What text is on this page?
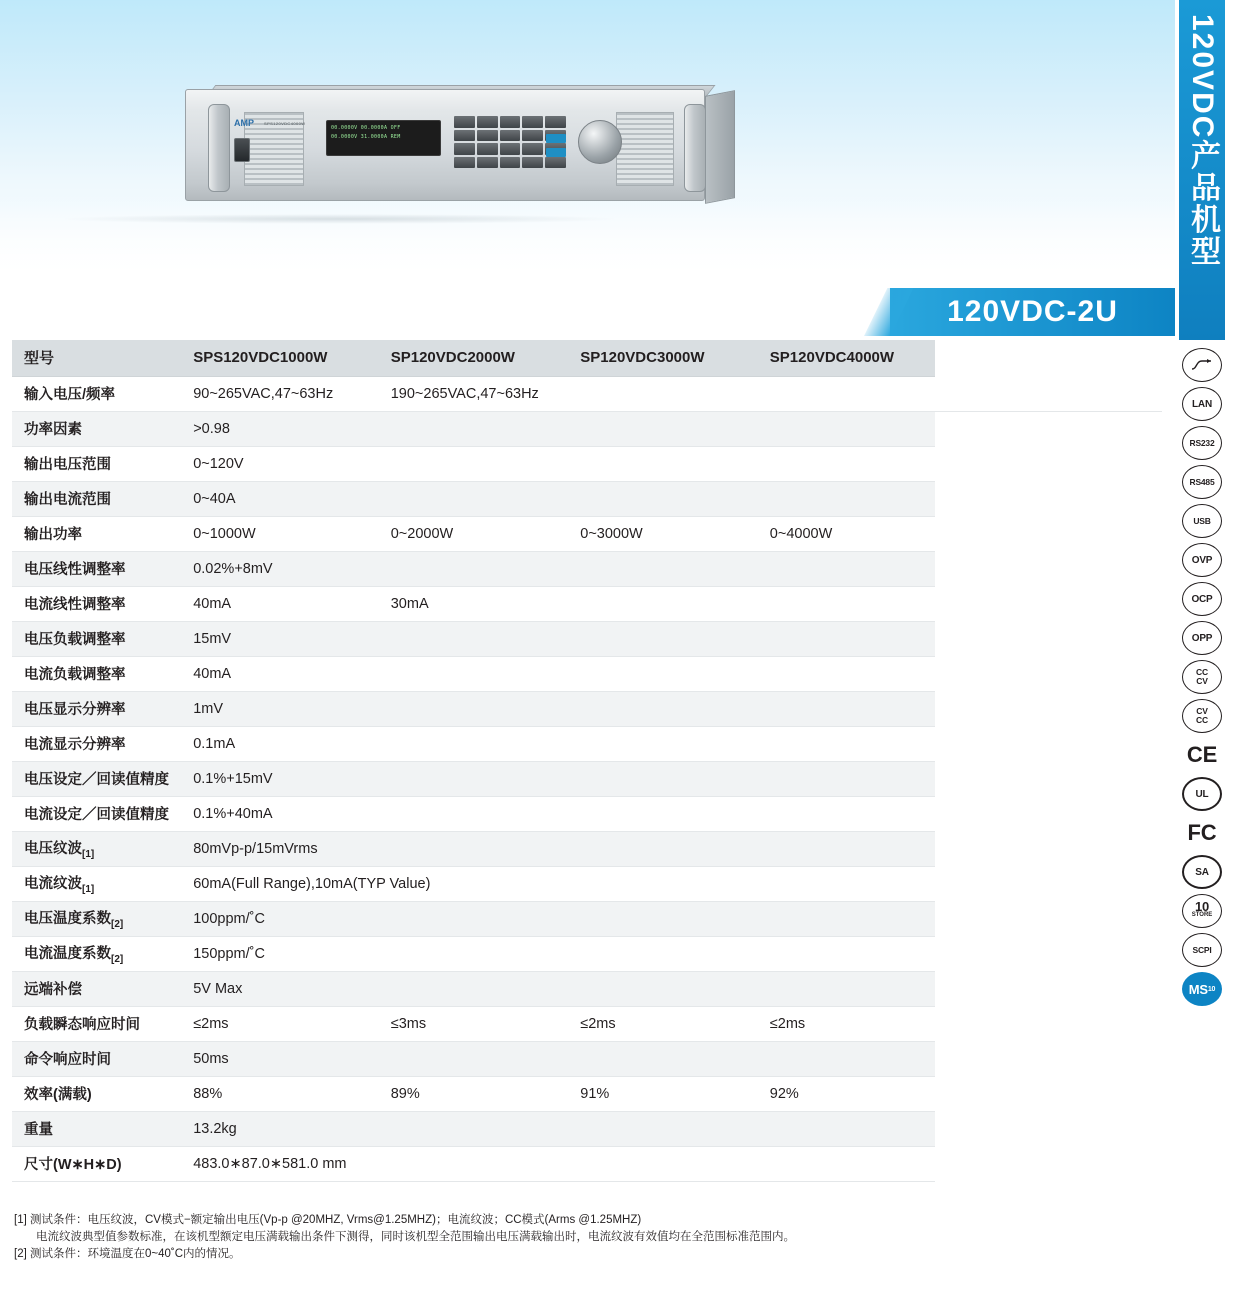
AMP	SPS120VDC4000W
00.0000V 00.0000A OFF
00.0000V 31.0000A REM	120VDC产品机型
120VDC-2U
型号	SPS120VDC1000W	SP120VDC2000W	SP120VDC3000W	SP120VDC4000W		
输入电压/频率	90~265VAC,47~63Hz	190~265VAC,47~63Hz				
功率因素	>0.98					
输出电压范围	0~120V					
输出电流范围	0~40A					
输出功率	0~1000W	0~2000W	0~3000W	0~4000W		
电压线性调整率	0.02%+8mV					
电流线性调整率	40mA	30mA				
电压负载调整率	15mV					
电流负载调整率	40mA					
电压显示分辨率	1mV					
电流显示分辨率	0.1mA					
电压设定／回读值精度	0.1%+15mV					
电流设定／回读值精度	0.1%+40mA					
电压纹波$_{[1]}$	80mVp-p/15mVrms					
电流纹波$_{[1]}$	60mA(Full Range),10mA(TYP Value)					
电压温度系数$_{[2]}$	100ppm/˚C					
电流温度系数$_{[2]}$	150ppm/˚C					
远端补偿	5V Max					
负载瞬态响应时间	≤2ms	≤3ms	≤2ms	≤2ms		
命令响应时间	50ms					
效率(满载)	88%	89%	91%	92%		
重量	13.2kg					
尺寸(W∗H∗D)	483.0∗87.0∗581.0 mm					
[1] 测试条件：电压纹波，CV模式−额定输出电压(Vp-p @20MHZ, Vrms@1.25MHZ)；电流纹波；CC模式(Arms @1.25MHZ)
电流纹波典型值参数标准，在该机型额定电压满载输出条件下测得，同时该机型全范围输出电压满载输出时，电流纹波有效值均在全范围标准范围内。
[2] 测试条件：环境温度在0~40˚C内的情况。
LAN
RS232
RS485
USB
OVP
OCP
OPP
CC
CV
CV
CC
CE
UL
FC
SA
10
STORE
SCPI
MS 10
